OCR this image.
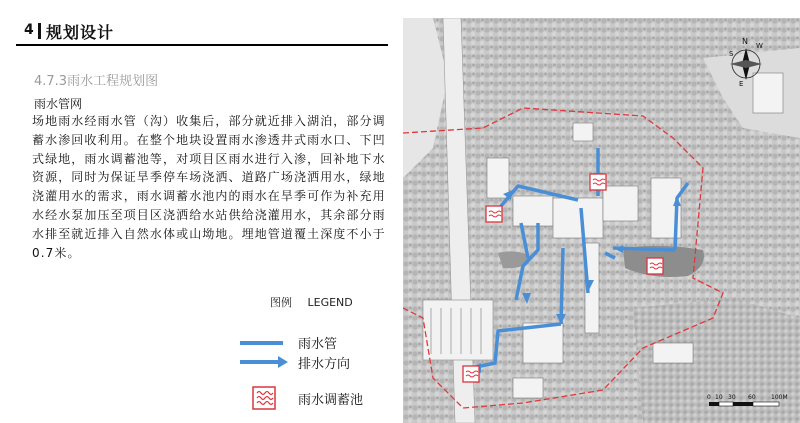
4 规划设计
4.7.3雨水工程规划图
雨水管网
场地雨水经雨水管（沟）收集后，部分就近排入湖泊，部分调蓄水渗回收利用。在整个地块设置雨水渗透井式雨水口、下凹式绿地，雨水调蓄池等，对项目区雨水进行入渗，回补地下水资源，同时为保证旱季停车场浇洒、道路广场浇洒用水，绿地浇灌用水的需求，雨水调蓄水池内的雨水在旱季可作为补充用水经水泵加压至项目区浇洒给水站供给浇灌用水，其余部分雨水排至就近排入自然水体或山坳地。埋地管道覆土深度不小于0.7米。
图例 LEGEND
雨水管
排水方向
雨水调蓄池
N
S
E
W
0 10 30 60	100M
